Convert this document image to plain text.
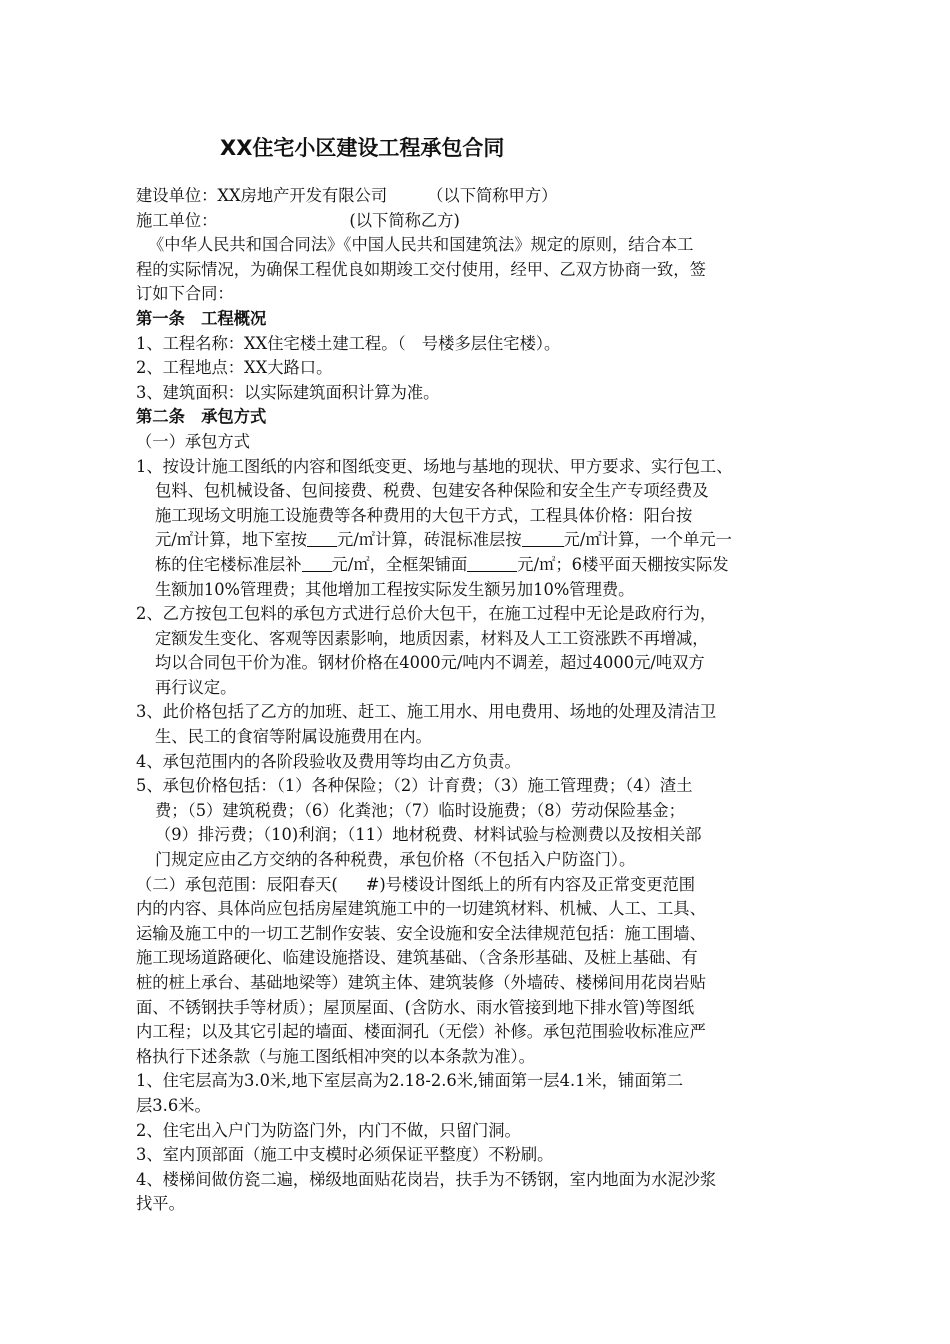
XX住宅小区建设工程承包合同
建设单位：XX房地产开发有限公司 （以下简称甲方）
施工单位：	(以下简称乙方)
《中华人民共和国合同法》《中国人民共和国建筑法》规定的原则，结合本工
程的实际情况，为确保工程优良如期竣工交付使用，经甲、乙双方协商一致，签
订如下合同：
第一条　工程概况
1、工程名称：XX住宅楼土建工程。（　号楼多层住宅楼）。
2、工程地点：XX大路口。
3、建筑面积：以实际建筑面积计算为准。
第二条　承包方式
（一）承包方式
1、按设计施工图纸的内容和图纸变更、场地与基地的现状、甲方要求、实行包工、
包料、包机械设备、包间接费、税费、包建安各种保险和安全生产专项经费及
施工现场文明施工设施费等各种费用的大包干方式，工程具体价格：阳台按
元/㎡计算，地下室按 元/㎡计算，砖混标准层按	元/㎡计算，一个单元一
栋的住宅楼标准层补 元/㎡，全框架铺面	元/㎡；6楼平面天棚按实际发
生额加10%管理费；其他增加工程按实际发生额另加10%管理费。
2、乙方按包工包料的承包方式进行总价大包干，在施工过程中无论是政府行为，
定额发生变化、客观等因素影响，地质因素，材料及人工工资涨跌不再增减，
均以合同包干价为准。钢材价格在4000元/吨内不调差，超过4000元/吨双方
再行议定。
3、此价格包括了乙方的加班、赶工、施工用水、用电费用、场地的处理及清洁卫
生、民工的食宿等附属设施费用在内。
4、承包范围内的各阶段验收及费用等均由乙方负责。
5、承包价格包括：（1）各种保险；（2）计育费；（3）施工管理费；（4）渣土
费；（5）建筑税费；（6）化粪池；（7）临时设施费；（8）劳动保险基金；
（9）排污费；（10)利润；（11）地材税费、材料试验与检测费以及按相关部
门规定应由乙方交纳的各种税费，承包价格（不包括入户防盗门）。
（二）承包范围：辰阳春天( #)号楼设计图纸上的所有内容及正常变更范围
内的内容、具体尚应包括房屋建筑施工中的一切建筑材料、机械、人工、工具、
运输及施工中的一切工艺制作安装、安全设施和安全法律规范包括：施工围墙、
施工现场道路硬化、临建设施搭设、建筑基础、（含条形基础、及桩上基础、有
桩的桩上承台、基础地梁等）建筑主体、建筑装修（外墙砖、楼梯间用花岗岩贴
面、不锈钢扶手等材质）；屋顶屋面、(含防水、雨水管接到地下排水管)等图纸
内工程；以及其它引起的墙面、楼面洞孔（无偿）补修。承包范围验收标准应严
格执行下述条款（与施工图纸相冲突的以本条款为准）。
1、住宅层高为3.0米,地下室层高为2.18-2.6米,铺面第一层4.1米，铺面第二
层3.6米。
2、住宅出入户门为防盗门外，内门不做，只留门洞。
3、室内顶部面（施工中支模时必须保证平整度）不粉刷。
4、楼梯间做仿瓷二遍，梯级地面贴花岗岩，扶手为不锈钢，室内地面为水泥沙浆
找平。
